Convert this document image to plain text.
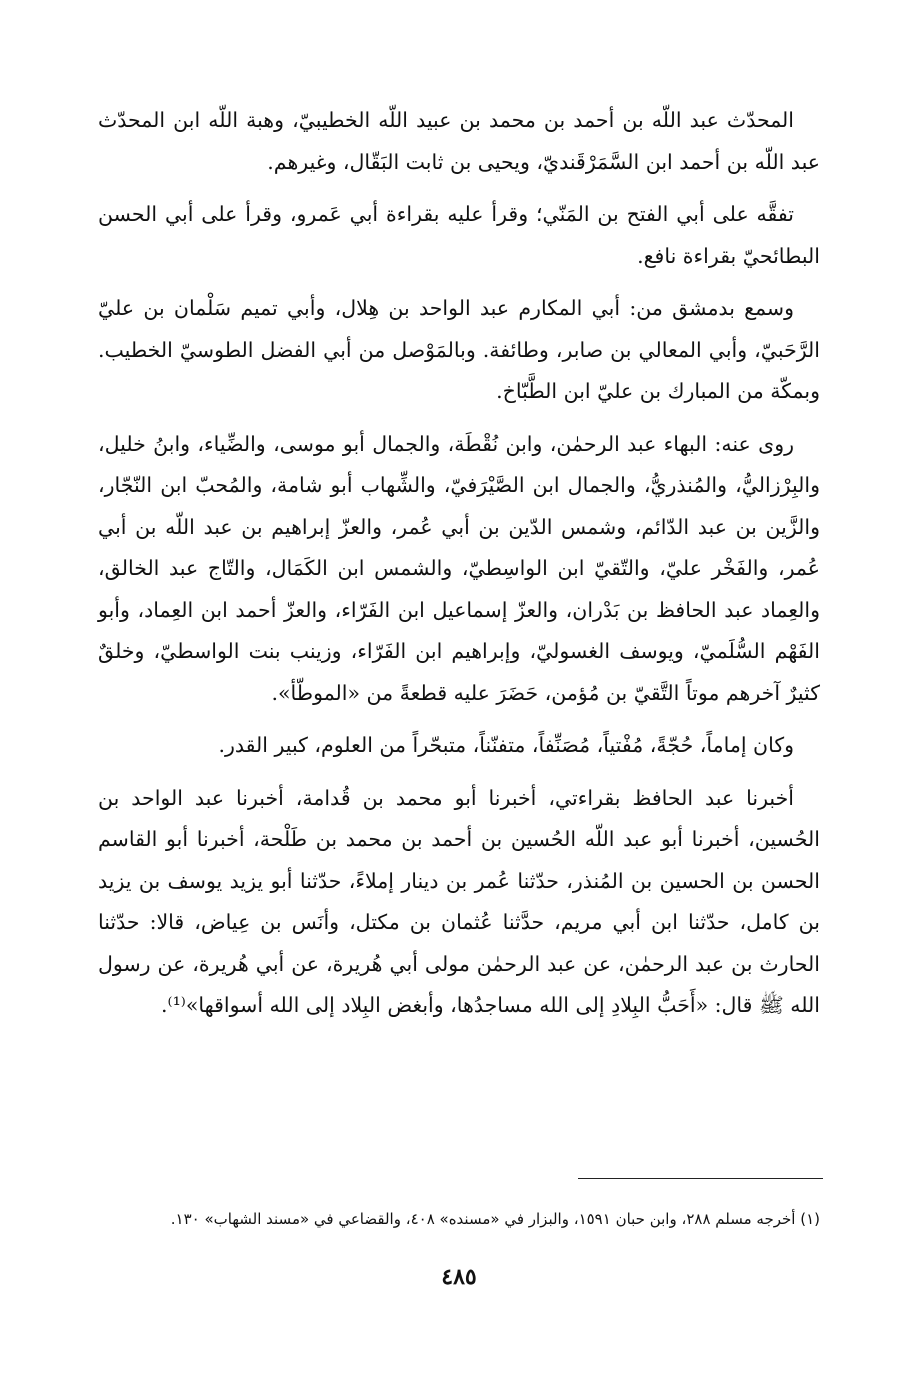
المحدّث عبد اللّه بن أحمد بن محمد بن عبيد اللّه الخطيبيّ، وهبة اللّه ابن المحدّث عبد اللّه بن أحمد ابن السَّمَرْقَنديّ، ويحيى بن ثابت البَقّال، وغيرهم.

تفقَّه على أبي الفتح بن المَنّي؛ وقرأ عليه بقراءة أبي عَمرو، وقرأ على أبي الحسن البطائحيّ بقراءة نافع.

وسمع بدمشق من: أبي المكارم عبد الواحد بن هِلال، وأبي تميم سَلْمان بن عليّ الرَّحَبيّ، وأبي المعالي بن صابر، وطائفة. وبالمَوْصل من أبي الفضل الطوسيّ الخطيب. وبمكّة من المبارك بن عليّ ابن الطَّبّاخ.

روى عنه: البهاء عبد الرحمٰن، وابن نُقْطَة، والجمال أبو موسى، والضِّياء، وابنُ خليل، والبِرْزاليُّ، والمُنذريُّ، والجمال ابن الصَّيْرَفيّ، والشِّهاب أبو شامة، والمُحبّ ابن النّجّار، والزَّين بن عبد الدّائم، وشمس الدّين بن أبي عُمر، والعزّ إبراهيم بن عبد اللّه بن أبي عُمر، والفَخْر عليّ، والتّقيّ ابن الواسِطيّ، والشمس ابن الكَمَال، والتّاج عبد الخالق، والعِماد عبد الحافظ بن بَدْران، والعزّ إسماعيل ابن الفَرّاء، والعزّ أحمد ابن العِماد، وأبو الفَهْم السُّلَميّ، ويوسف الغسوليّ، وإبراهيم ابن الفَرّاء، وزينب بنت الواسطيّ، وخلقٌ كثيرٌ آخرهم موتاً التَّقيّ بن مُؤمن، حَضَرَ عليه قطعةً من «الموطّأ».

وكان إماماً، حُجّةً، مُفْتياً، مُصَنِّفاً، متفنّناً، متبحّراً من العلوم، كبير القدر.

أخبرنا عبد الحافظ بقراءتي، أخبرنا أبو محمد بن قُدامة، أخبرنا عبد الواحد بن الحُسين، أخبرنا أبو عبد اللّه الحُسين بن أحمد بن محمد بن طَلْحة، أخبرنا أبو القاسم الحسن بن الحسين بن المُنذر، حدّثنا عُمر بن دينار إملاءً، حدّثنا أبو يزيد يوسف بن يزيد بن كامل، حدّثنا ابن أبي مريم، حدَّثنا عُثمان بن مكتل، وأنَس بن عِياض، قالا: حدّثنا الحارث بن عبد الرحمٰن، عن عبد الرحمٰن مولى أبي هُريرة، عن أبي هُريرة، عن رسول الله ﷺ قال: «أَحَبُّ البِلادِ إلى الله مساجدُها، وأبغض البِلاد إلى الله أسواقها»⁽¹⁾.

(١) أخرجه مسلم ٢٨٨، وابن حبان ١٥٩١، والبزار في «مسنده» ٤٠٨، والقضاعي في «مسند الشهاب» ١٣٠.
٤٨٥
